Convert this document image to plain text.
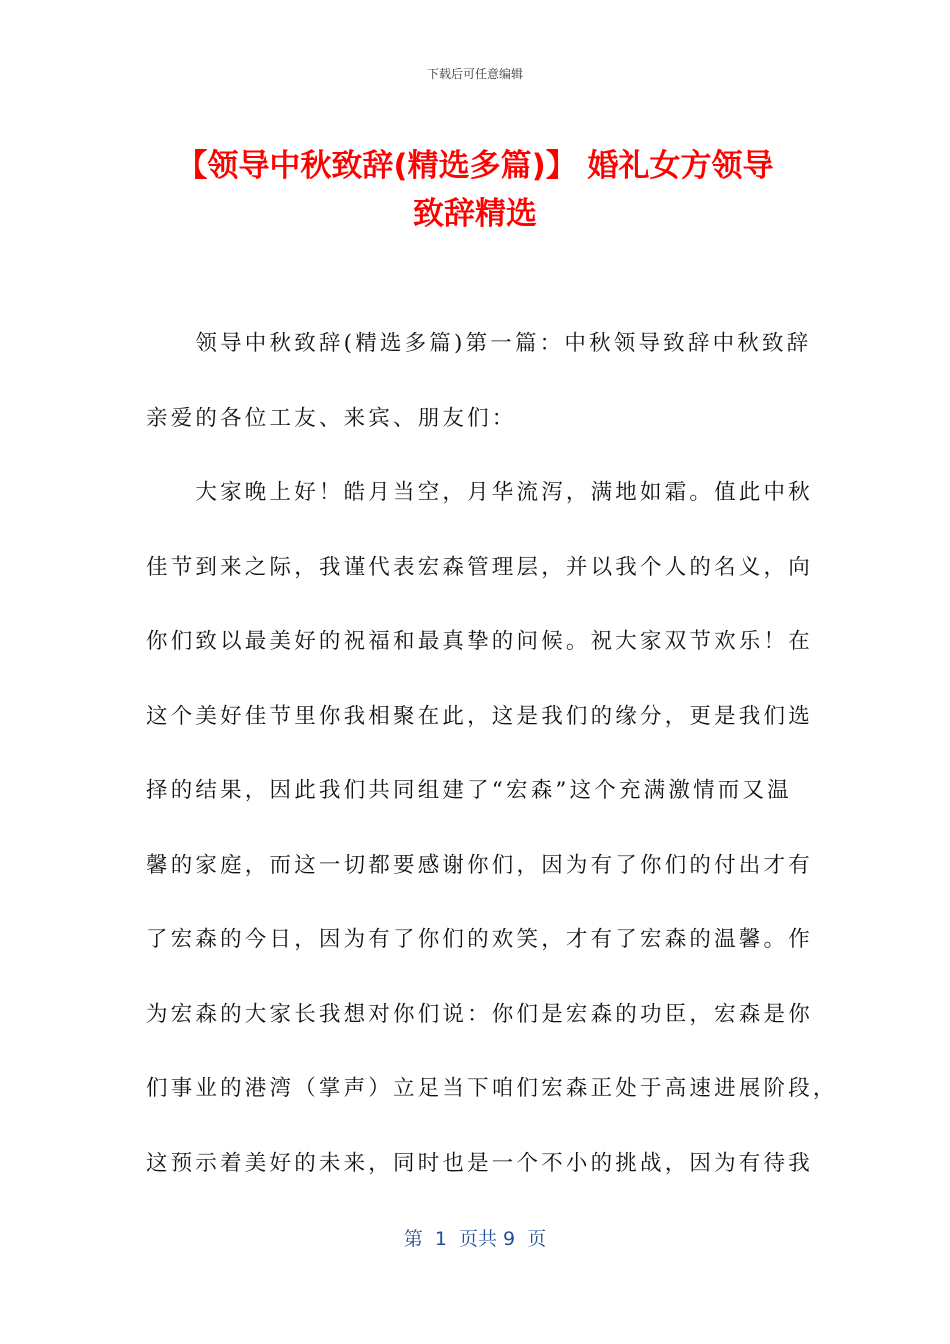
下载后可任意编辑
【领导中秋致辞(精选多篇)】 婚礼女方领导
致辞精选
　　领导中秋致辞(精选多篇)第一篇：中秋领导致辞中秋致辞
亲爱的各位工友、来宾、朋友们：
　　大家晚上好！皓月当空，月华流泻，满地如霜。值此中秋
佳节到来之际，我谨代表宏森管理层，并以我个人的名义，向
你们致以最美好的祝福和最真挚的问候。祝大家双节欢乐！在
这个美好佳节里你我相聚在此，这是我们的缘分，更是我们选
择的结果，因此我们共同组建了“宏森”这个充满激情而又温
馨的家庭，而这一切都要感谢你们，因为有了你们的付出才有
了宏森的今日，因为有了你们的欢笑，才有了宏森的温馨。作
为宏森的大家长我想对你们说：你们是宏森的功臣，宏森是你
们事业的港湾（掌声）立足当下咱们宏森正处于高速进展阶段，
这预示着美好的未来，同时也是一个不小的挑战，因为有待我
第  1  页共 9  页
